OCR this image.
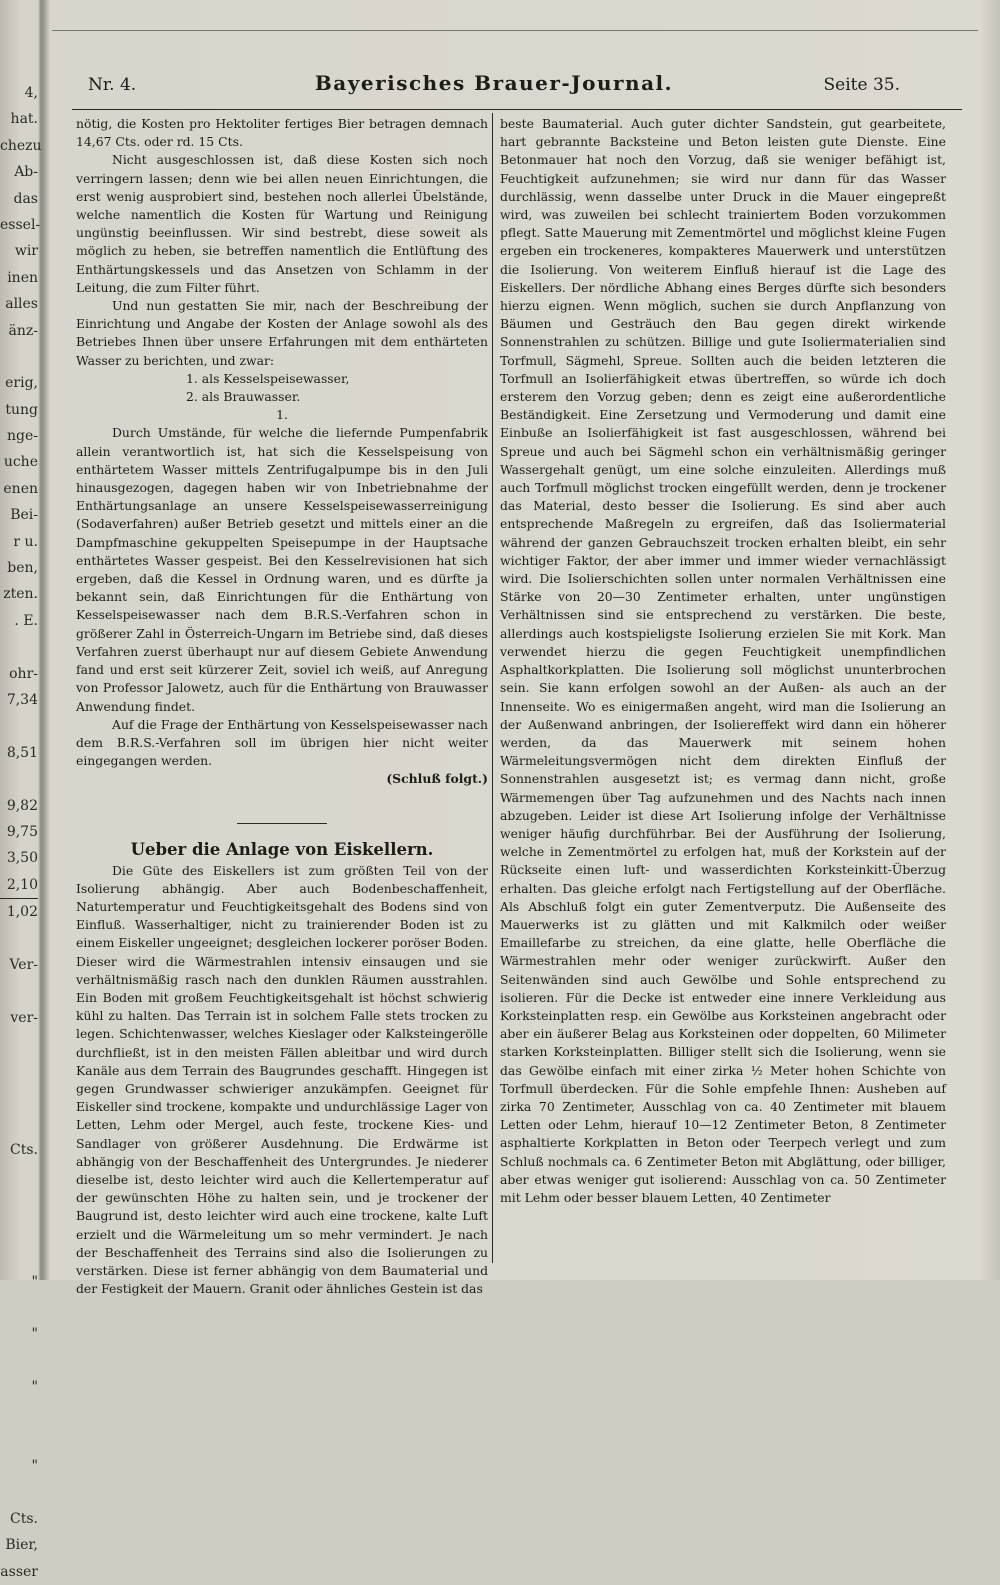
4,
hat.
chezu
Ab-
das
essel-
wir
inen
alles
änz-
erig,
tung
nge-
uche
enen
Bei-
r u.
ben,
zten.
. E.
ohr-
7,34
8,51
9,82
9,75
3,50
2,10
1,02
Ver-
ver-
Cts.
"
"
"
"
Cts.
Bier,
asser
Nr. 4.	Bayerisches Brauer-Journal.	Seite 35.

nötig, die Kosten pro Hektoliter fertiges Bier betragen demnach 14,67 Cts. oder rd. 15 Cts.

Nicht ausgeschlossen ist, daß diese Kosten sich noch verringern lassen; denn wie bei allen neuen Einrichtungen, die erst wenig ausprobiert sind, bestehen noch allerlei Übelstände, welche namentlich die Kosten für Wartung und Reinigung ungünstig beeinflussen. Wir sind bestrebt, diese soweit als möglich zu heben, sie betreffen namentlich die Entlüftung des Enthärtungskessels und das Ansetzen von Schlamm in der Leitung, die zum Filter führt.

Und nun gestatten Sie mir, nach der Beschreibung der Einrichtung und Angabe der Kosten der Anlage sowohl als des Betriebes Ihnen über unsere Erfahrungen mit dem enthärteten Wasser zu berichten, und zwar:

1. als Kesselspeisewasser,

2. als Brauwasser.

1.

Durch Umstände, für welche die liefernde Pumpenfabrik allein verantwortlich ist, hat sich die Kesselspeisung von enthärtetem Wasser mittels Zentrifugalpumpe bis in den Juli hinausgezogen, dagegen haben wir von Inbetriebnahme der Enthärtungsanlage an unsere Kesselspeisewasserreinigung (Sodaverfahren) außer Betrieb gesetzt und mittels einer an die Dampfmaschine gekuppelten Speisepumpe in der Hauptsache enthärtetes Wasser gespeist. Bei den Kesselrevisionen hat sich ergeben, daß die Kessel in Ordnung waren, und es dürfte ja bekannt sein, daß Einrichtungen für die Enthärtung von Kesselspeisewasser nach dem B.R.S.-Verfahren schon in größerer Zahl in Österreich-Ungarn im Betriebe sind, daß dieses Verfahren zuerst überhaupt nur auf diesem Gebiete Anwendung fand und erst seit kürzerer Zeit, soviel ich weiß, auf Anregung von Professor Jalowetz, auch für die Enthärtung von Brauwasser Anwendung findet.

Auf die Frage der Enthärtung von Kesselspeisewasser nach dem B.R.S.-Verfahren soll im übrigen hier nicht weiter eingegangen werden.

(Schluß folgt.)

Ueber die Anlage von Eiskellern.

Die Güte des Eiskellers ist zum größten Teil von der Isolierung abhängig. Aber auch Bodenbeschaffenheit, Naturtemperatur und Feuchtigkeitsgehalt des Bodens sind von Einfluß. Wasserhaltiger, nicht zu trainierender Boden ist zu einem Eiskeller ungeeignet; desgleichen lockerer poröser Boden. Dieser wird die Wärmestrahlen intensiv einsaugen und sie verhältnismäßig rasch nach den dunklen Räumen ausstrahlen. Ein Boden mit großem Feuchtigkeitsgehalt ist höchst schwierig kühl zu halten. Das Terrain ist in solchem Falle stets trocken zu legen. Schichtenwasser, welches Kieslager oder Kalksteingerölle durchfließt, ist in den meisten Fällen ableitbar und wird durch Kanäle aus dem Terrain des Baugrundes geschafft. Hingegen ist gegen Grundwasser schwieriger anzukämpfen. Geeignet für Eiskeller sind trockene, kompakte und undurchlässige Lager von Letten, Lehm oder Mergel, auch feste, trockene Kies- und Sandlager von größerer Ausdehnung. Die Erdwärme ist abhängig von der Beschaffenheit des Untergrundes. Je niederer dieselbe ist, desto leichter wird auch die Kellertemperatur auf der gewünschten Höhe zu halten sein, und je trockener der Baugrund ist, desto leichter wird auch eine trockene, kalte Luft erzielt und die Wärmeleitung um so mehr vermindert. Je nach der Beschaffenheit des Terrains sind also die Isolierungen zu verstärken. Diese ist ferner abhängig von dem Baumaterial und der Festigkeit der Mauern. Granit oder ähnliches Gestein ist das

beste Baumaterial. Auch guter dichter Sandstein, gut gearbeitete, hart gebrannte Backsteine und Beton leisten gute Dienste. Eine Betonmauer hat noch den Vorzug, daß sie weniger befähigt ist, Feuchtigkeit aufzunehmen; sie wird nur dann für das Wasser durchlässig, wenn dasselbe unter Druck in die Mauer eingepreßt wird, was zuweilen bei schlecht trainiertem Boden vorzukommen pflegt. Satte Mauerung mit Zementmörtel und möglichst kleine Fugen ergeben ein trockeneres, kompakteres Mauerwerk und unterstützen die Isolierung. Von weiterem Einfluß hierauf ist die Lage des Eiskellers. Der nördliche Abhang eines Berges dürfte sich besonders hierzu eignen. Wenn möglich, suchen sie durch Anpflanzung von Bäumen und Gesträuch den Bau gegen direkt wirkende Sonnenstrahlen zu schützen. Billige und gute Isoliermaterialien sind Torfmull, Sägmehl, Spreue. Sollten auch die beiden letzteren die Torfmull an Isolierfähigkeit etwas übertreffen, so würde ich doch ersterem den Vorzug geben; denn es zeigt eine außerordentliche Beständigkeit. Eine Zersetzung und Vermoderung und damit eine Einbuße an Isolierfähigkeit ist fast ausgeschlossen, während bei Spreue und auch bei Sägmehl schon ein verhältnismäßig geringer Wassergehalt genügt, um eine solche einzuleiten. Allerdings muß auch Torfmull möglichst trocken eingefüllt werden, denn je trockener das Material, desto besser die Isolierung. Es sind aber auch entsprechende Maßregeln zu ergreifen, daß das Isoliermaterial während der ganzen Gebrauchszeit trocken erhalten bleibt, ein sehr wichtiger Faktor, der aber immer und immer wieder vernachlässigt wird. Die Isolierschichten sollen unter normalen Verhältnissen eine Stärke von 20—30 Zentimeter erhalten, unter ungünstigen Verhältnissen sind sie entsprechend zu verstärken. Die beste, allerdings auch kostspieligste Isolierung erzielen Sie mit Kork. Man verwendet hierzu die gegen Feuchtigkeit unempfindlichen Asphaltkorkplatten. Die Isolierung soll möglichst ununterbrochen sein. Sie kann erfolgen sowohl an der Außen- als auch an der Innenseite. Wo es einigermaßen angeht, wird man die Isolierung an der Außenwand anbringen, der Isoliereffekt wird dann ein höherer werden, da das Mauerwerk mit seinem hohen Wärmeleitungsvermögen nicht dem direkten Einfluß der Sonnenstrahlen ausgesetzt ist; es vermag dann nicht, große Wärmemengen über Tag aufzunehmen und des Nachts nach innen abzugeben. Leider ist diese Art Isolierung infolge der Verhältnisse weniger häufig durchführbar. Bei der Ausführung der Isolierung, welche in Zementmörtel zu erfolgen hat, muß der Korkstein auf der Rückseite einen luft- und wasserdichten Korksteinkitt-Überzug erhalten. Das gleiche erfolgt nach Fertigstellung auf der Oberfläche. Als Abschluß folgt ein guter Zementverputz. Die Außenseite des Mauerwerks ist zu glätten und mit Kalkmilch oder weißer Emaillefarbe zu streichen, da eine glatte, helle Oberfläche die Wärmestrahlen mehr oder weniger zurückwirft. Außer den Seitenwänden sind auch Gewölbe und Sohle entsprechend zu isolieren. Für die Decke ist entweder eine innere Verkleidung aus Korksteinplatten resp. ein Gewölbe aus Korksteinen angebracht oder aber ein äußerer Belag aus Korksteinen oder doppelten, 60 Milimeter starken Korksteinplatten. Billiger stellt sich die Isolierung, wenn sie das Gewölbe einfach mit einer zirka ½ Meter hohen Schichte von Torfmull überdecken. Für die Sohle empfehle Ihnen: Ausheben auf zirka 70 Zentimeter, Ausschlag von ca. 40 Zentimeter mit blauem Letten oder Lehm, hierauf 10—12 Zentimeter Beton, 8 Zentimeter asphaltierte Korkplatten in Beton oder Teerpech verlegt und zum Schluß nochmals ca. 6 Zentimeter Beton mit Abglättung, oder billiger, aber etwas weniger gut isolierend: Ausschlag von ca. 50 Zentimeter mit Lehm oder besser blauem Letten, 40 Zentimeter
